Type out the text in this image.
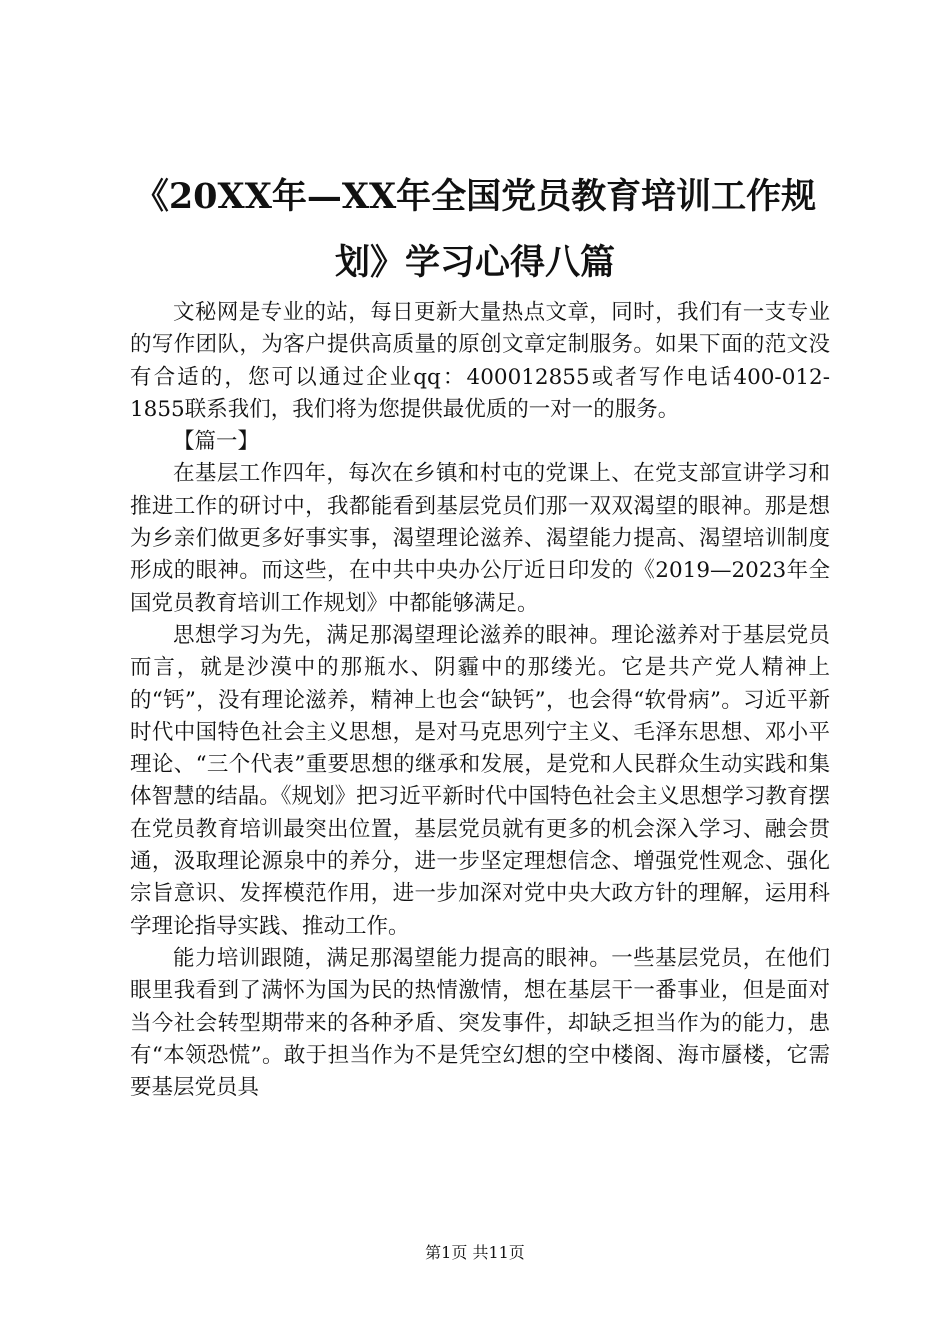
《20XX年—XX年全国党员教育培训工作规
划》学习心得八篇

文秘网是专业的站，每日更新大量热点文章，同时，我们有一支专业的写作团队，为客户提供高质量的原创文章定制服务。如果下面的范文没有合适的，您可以通过企业qq：400012855或者写作电话400-012-1855联系我们，我们将为您提供最优质的一对一的服务。

【篇一】

在基层工作四年，每次在乡镇和村屯的党课上、在党支部宣讲学习和推进工作的研讨中，我都能看到基层党员们那一双双渴望的眼神。那是想为乡亲们做更多好事实事，渴望理论滋养、渴望能力提高、渴望培训制度形成的眼神。而这些，在中共中央办公厅近日印发的《2019—2023年全国党员教育培训工作规划》中都能够满足。

思想学习为先，满足那渴望理论滋养的眼神。理论滋养对于基层党员而言，就是沙漠中的那瓶水、阴霾中的那缕光。它是共产党人精神上的“钙”，没有理论滋养，精神上也会“缺钙”，也会得“软骨病”。习近平新时代中国特色社会主义思想，是对马克思列宁主义、毛泽东思想、邓小平理论、“三个代表”重要思想的继承和发展，是党和人民群众生动实践和集体智慧的结晶。《规划》把习近平新时代中国特色社会主义思想学习教育摆在党员教育培训最突出位置，基层党员就有更多的机会深入学习、融会贯通，汲取理论源泉中的养分，进一步坚定理想信念、增强党性观念、强化宗旨意识、发挥模范作用，进一步加深对党中央大政方针的理解，运用科学理论指导实践、推动工作。

能力培训跟随，满足那渴望能力提高的眼神。一些基层党员，在他们眼里我看到了满怀为国为民的热情激情，想在基层干一番事业，但是面对当今社会转型期带来的各种矛盾、突发事件，却缺乏担当作为的能力，患有“本领恐慌”。敢于担当作为不是凭空幻想的空中楼阁、海市蜃楼，它需要基层党员具

第1页 共11页
